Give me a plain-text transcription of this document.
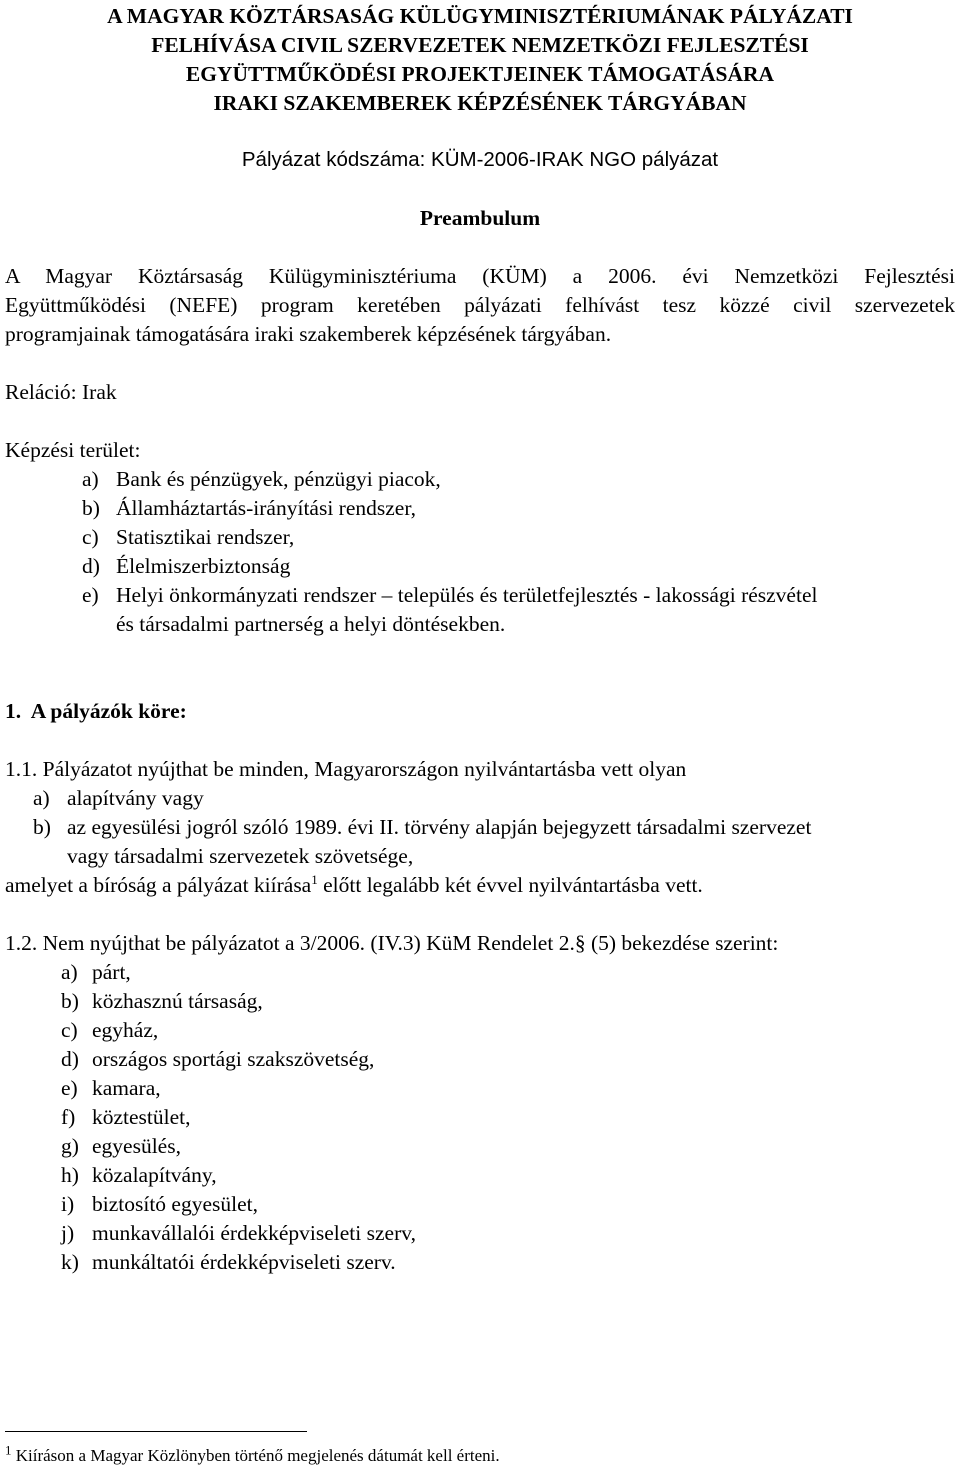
A MAGYAR KÖZTÁRSASÁG KÜLÜGYMINISZTÉRIUMÁNAK PÁLYÁZATI
FELHÍVÁSA CIVIL SZERVEZETEK NEMZETKÖZI FEJLESZTÉSI
EGYÜTTMŰKÖDÉSI PROJEKTJEINEK TÁMOGATÁSÁRA
IRAKI SZAKEMBEREK KÉPZÉSÉNEK TÁRGYÁBAN
Pályázat kódszáma: KÜM-2006-IRAK NGO pályázat
Preambulum
A Magyar Köztársaság Külügyminisztériuma (KÜM) a 2006. évi Nemzetközi Fejlesztési
Együttműködési (NEFE) program keretében pályázati felhívást tesz közzé civil szervezetek
programjainak támogatására iraki szakemberek képzésének tárgyában.
Reláció: Irak
Képzési terület:
a) Bank és pénzügyek, pénzügyi piacok,
b) Államháztartás-irányítási rendszer,
c) Statisztikai rendszer,
d) Élelmiszerbiztonság
e) Helyi önkormányzati rendszer – település és területfejlesztés - lakossági részvétel
és társadalmi partnerség a helyi döntésekben.
1.  A pályázók köre:
1.1. Pályázatot nyújthat be minden, Magyarországon nyilvántartásba vett olyan
a) alapítvány vagy
b) az egyesülési jogról szóló 1989. évi II. törvény alapján bejegyzett társadalmi szervezet
vagy társadalmi szervezetek szövetsége,
amelyet a bíróság a pályázat kiírása$^1$ előtt legalább két évvel nyilvántartásba vett.
1.2. Nem nyújthat be pályázatot a 3/2006. (IV.3) KüM Rendelet 2.§ (5) bekezdése szerint:
a) párt,
b) közhasznú társaság,
c) egyház,
d) országos sportági szakszövetség,
e) kamara,
f) köztestület,
g) egyesülés,
h) közalapítvány,
i) biztosító egyesület,
j) munkavállalói érdekképviseleti szerv,
k) munkáltatói érdekképviseleti szerv.
$^1$ Kiíráson a Magyar Közlönyben történő megjelenés dátumát kell érteni.
